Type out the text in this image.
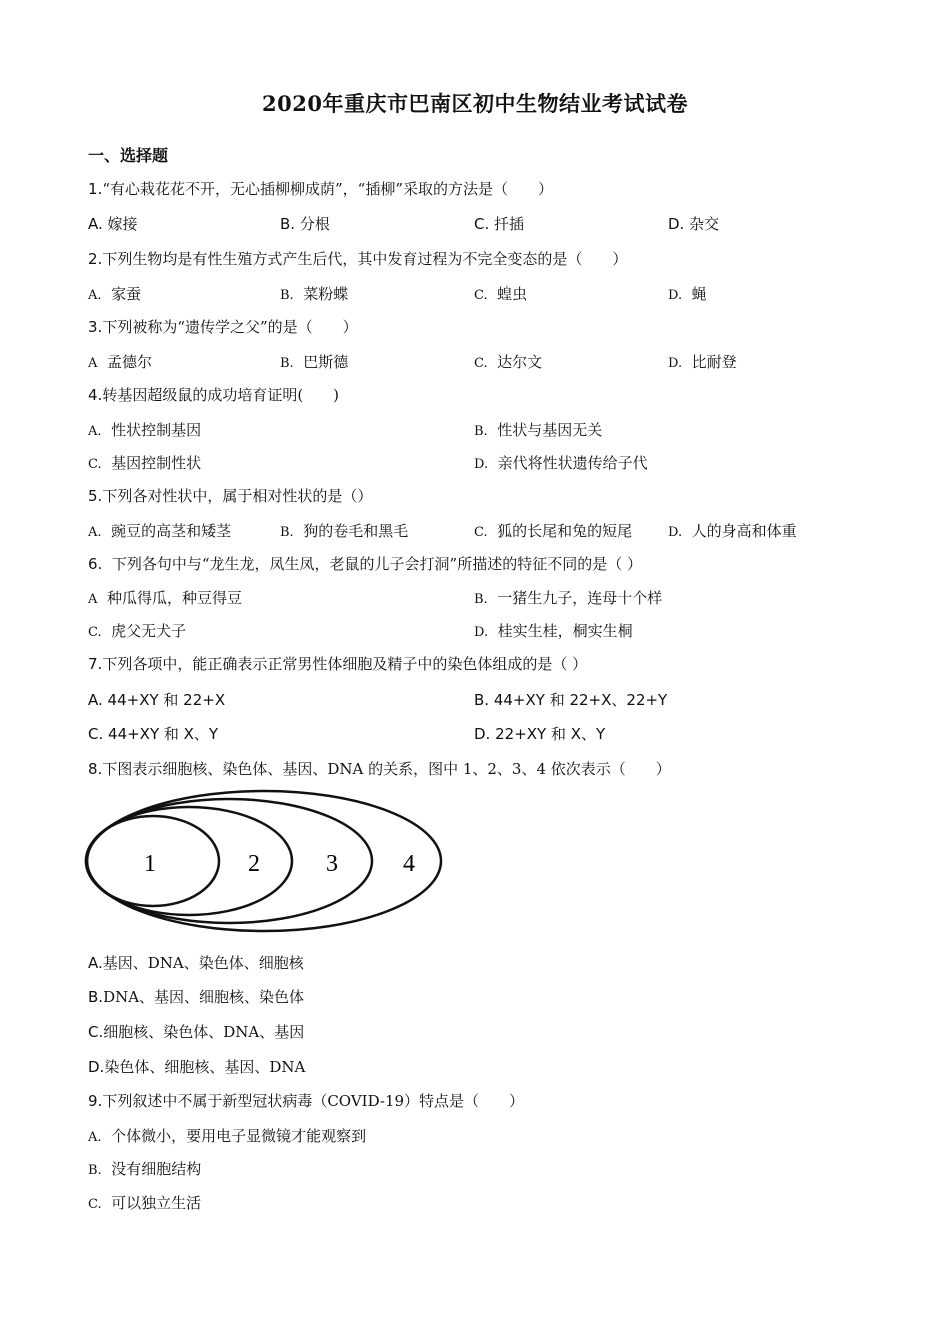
2020年重庆市巴南区初中生物结业考试试卷
一、选择题
1.“有心栽花花不开，无心插柳柳成荫”，“插柳”采取的方法是（　　）
A. 嫁接	B. 分根	C. 扦插	D. 杂交
2.下列生物均是有性生殖方式产生后代，其中发育过程为不完全变态的是（　　）
A. 家蚕	B. 菜粉蝶	C. 蝗虫	D. 蝇
3.下列被称为“遗传学之父”的是（　　）
A 孟德尔	B. 巴斯德	C. 达尔文	D. 比耐登
4.转基因超级鼠的成功培育证明(　　)
A. 性状控制基因	B. 性状与基因无关
C. 基因控制性状	D. 亲代将性状遗传给子代
5.下列各对性状中，属于相对性状的是（）
A. 豌豆的高茎和矮茎	B. 狗的卷毛和黑毛	C. 狐的长尾和兔的短尾	D. 人的身高和体重
6. 下列各句中与“龙生龙，凤生凤，老鼠的儿子会打洞”所描述的特征不同的是（ ）
A 种瓜得瓜，种豆得豆	B. 一猪生九子，连母十个样
C. 虎父无犬子	D. 桂实生桂，桐实生桐
7.下列各项中，能正确表示正常男性体细胞及精子中的染色体组成的是（ ）
A. 44+XY 和 22+X	B. 44+XY 和 22+X、22+Y
C. 44+XY 和 X、Y	D. 22+XY 和 X、Y
8.下图表示细胞核、染色体、基因、DNA 的关系，图中 1、2、3、4 依次表示（　　）
1	2	3	4
A.基因、DNA、染色体、细胞核
B.DNA、基因、细胞核、染色体
C.细胞核、染色体、DNA、基因
D.染色体、细胞核、基因、DNA
9.下列叙述中不属于新型冠状病毒（COVID-19）特点是（　　）
A. 个体微小，要用电子显微镜才能观察到
B. 没有细胞结构
C. 可以独立生活
